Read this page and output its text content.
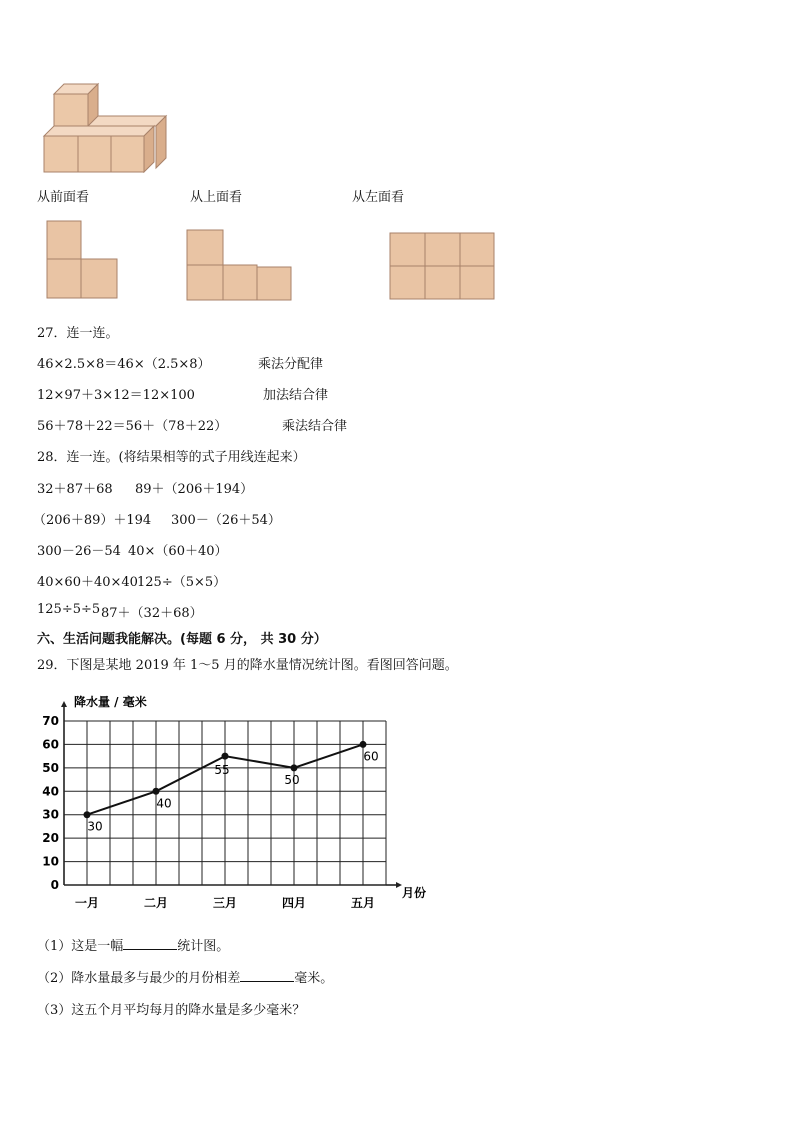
从前面看	从上面看	从左面看
27．连一连。
46×2.5×8＝46×（2.5×8）	乘法分配律
12×97＋3×12＝12×100	加法结合律
56＋78＋22＝56＋（78＋22）	乘法结合律
28．连一连。(将结果相等的式子用线连起来）
32＋87＋68 89＋（206＋194）
（206＋89）＋194 300－（26＋54）
300－26－54 40×（60＋40）
40×60＋40×40 125÷（5×5）
125÷5÷5 87＋（32＋68）
六、生活问题我能解决。(每题 6 分， 共 30 分）
29．下图是某地 2019 年 1～5 月的降水量情况统计图。看图回答问题。
降水量 / 毫米
月份
0
10
20
30
40
50
60
70
一月	二月	三月	四月	五月
30
40
55
50
60
（1）这是一幅	统计图。
（2）降水量最多与最少的月份相差	毫米。
（3）这五个月平均每月的降水量是多少毫米？
